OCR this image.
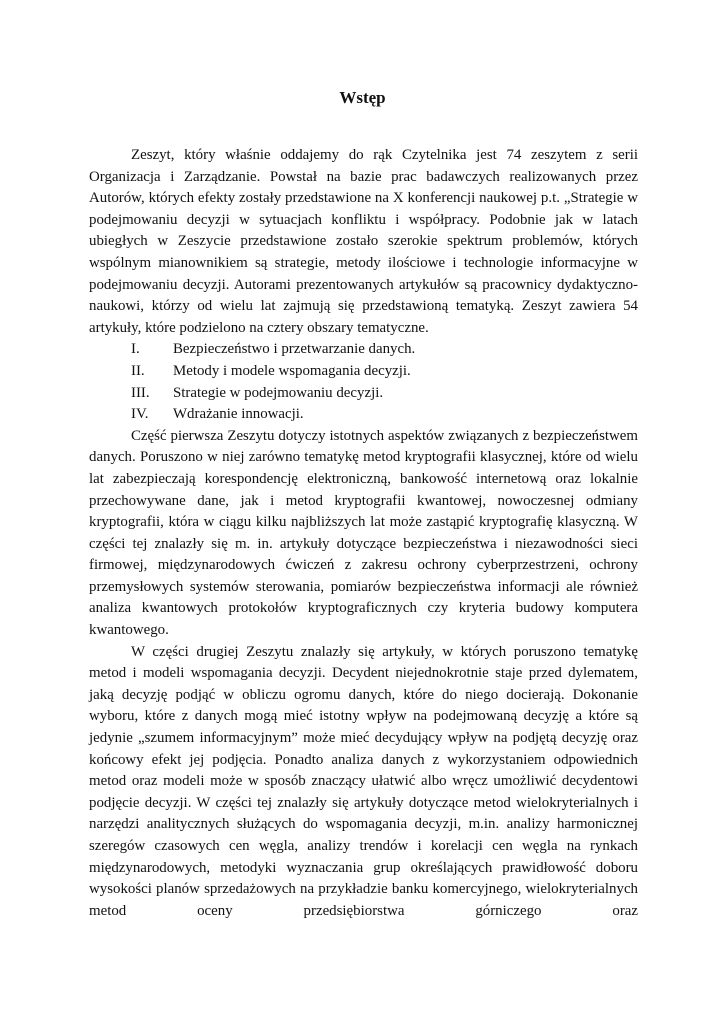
Wstęp

Zeszyt, który właśnie oddajemy do rąk Czytelnika jest 74 zeszytem z serii Organizacja i Zarządzanie. Powstał na bazie prac badawczych realizowanych przez Autorów, których efekty zostały przedstawione na X konferencji naukowej p.t. „Strategie w podejmowaniu decyzji w sytuacjach konfliktu i współpracy. Podobnie jak w latach ubiegłych w Zeszycie przedstawione zostało szerokie spektrum problemów, których wspólnym mianownikiem są strategie, metody ilościowe i technologie informacyjne w podejmowaniu decyzji. Autorami prezentowanych artykułów są pracownicy dydaktyczno-naukowi, którzy od wielu lat zajmują się przedstawioną tematyką. Zeszyt zawiera 54 artykuły, które podzielono na cztery obszary tematyczne.

I. Bezpieczeństwo i przetwarzanie danych.
II. Metody i modele wspomagania decyzji.
III. Strategie w podejmowaniu decyzji.
IV. Wdrażanie innowacji.

Część pierwsza Zeszytu dotyczy istotnych aspektów związanych z bezpieczeństwem danych. Poruszono w niej zarówno tematykę metod kryptografii klasycznej, które od wielu lat zabezpieczają korespondencję elektroniczną, bankowość internetową oraz lokalnie przechowywane dane, jak i metod kryptografii kwantowej, nowoczesnej odmiany kryptografii, która w ciągu kilku najbliższych lat może zastąpić kryptografię klasyczną. W części tej znalazły się m. in. artykuły dotyczące bezpieczeństwa i niezawodności sieci firmowej, międzynarodowych ćwiczeń z zakresu ochrony cyberprzestrzeni, ochrony przemysłowych systemów sterowania, pomiarów bezpieczeństwa informacji ale również analiza kwantowych protokołów kryptograficznych czy kryteria budowy komputera kwantowego.

W części drugiej Zeszytu znalazły się artykuły, w których poruszono tematykę metod i modeli wspomagania decyzji. Decydent niejednokrotnie staje przed dylematem, jaką decyzję podjąć w obliczu ogromu danych, które do niego docierają. Dokonanie wyboru, które z danych mogą mieć istotny wpływ na podejmowaną decyzję a które są jedynie „szumem informacyjnym” może mieć decydujący wpływ na podjętą decyzję oraz końcowy efekt jej podjęcia. Ponadto analiza danych z wykorzystaniem odpowiednich metod oraz modeli może w sposób znaczący ułatwić albo wręcz umożliwić decydentowi podjęcie decyzji. W części tej znalazły się artykuły dotyczące metod wielokryterialnych i narzędzi analitycznych służących do wspomagania decyzji, m.in. analizy harmonicznej szeregów czasowych cen węgla, analizy trendów i korelacji cen węgla na rynkach międzynarodowych, metodyki wyznaczania grup określających prawidłowość doboru wysokości planów sprzedażowych na przykładzie banku komercyjnego, wielokryterialnych metod oceny przedsiębiorstwa górniczego oraz
